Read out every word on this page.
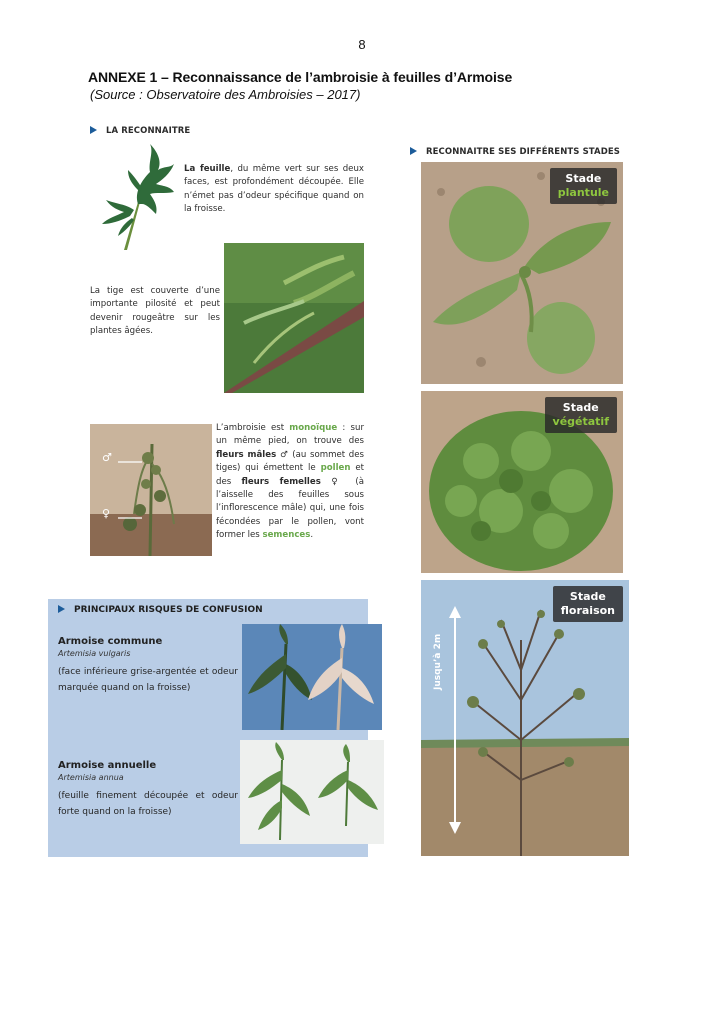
8
ANNEXE 1 – Reconnaissance de l’ambroisie à feuilles d’Armoise
(Source : Observatoire des Ambroisies – 2017)
LA RECONNAITRE
La feuille, du même vert sur ses deux faces, est profondément découpée. Elle n’émet pas d’odeur spécifique quand on la froisse.
La tige est couverte d’une importante pilosité et peut devenir rougeâtre sur les plantes âgées.
♂
♀
L’ambroisie est monoïque : sur un même pied, on trouve des fleurs mâles ♂ (au sommet des tiges) qui émettent le pollen et des fleurs femelles ♀ (à l’aisselle des feuilles sous l’inflorescence mâle) qui, une fois fécondées par le pollen, vont former les semences.
RECONNAITRE SES DIFFÉRENTS STADES
Stade
plantule
Stade
végétatif
Jusqu’à 2m
Stade
floraison
PRINCIPAUX RISQUES DE CONFUSION
Armoise commune
Artemisia vulgaris
(face inférieure grise-argentée et odeur marquée quand on la froisse)
Armoise annuelle
Artemisia annua
(feuille finement découpée et odeur forte quand on la froisse)
